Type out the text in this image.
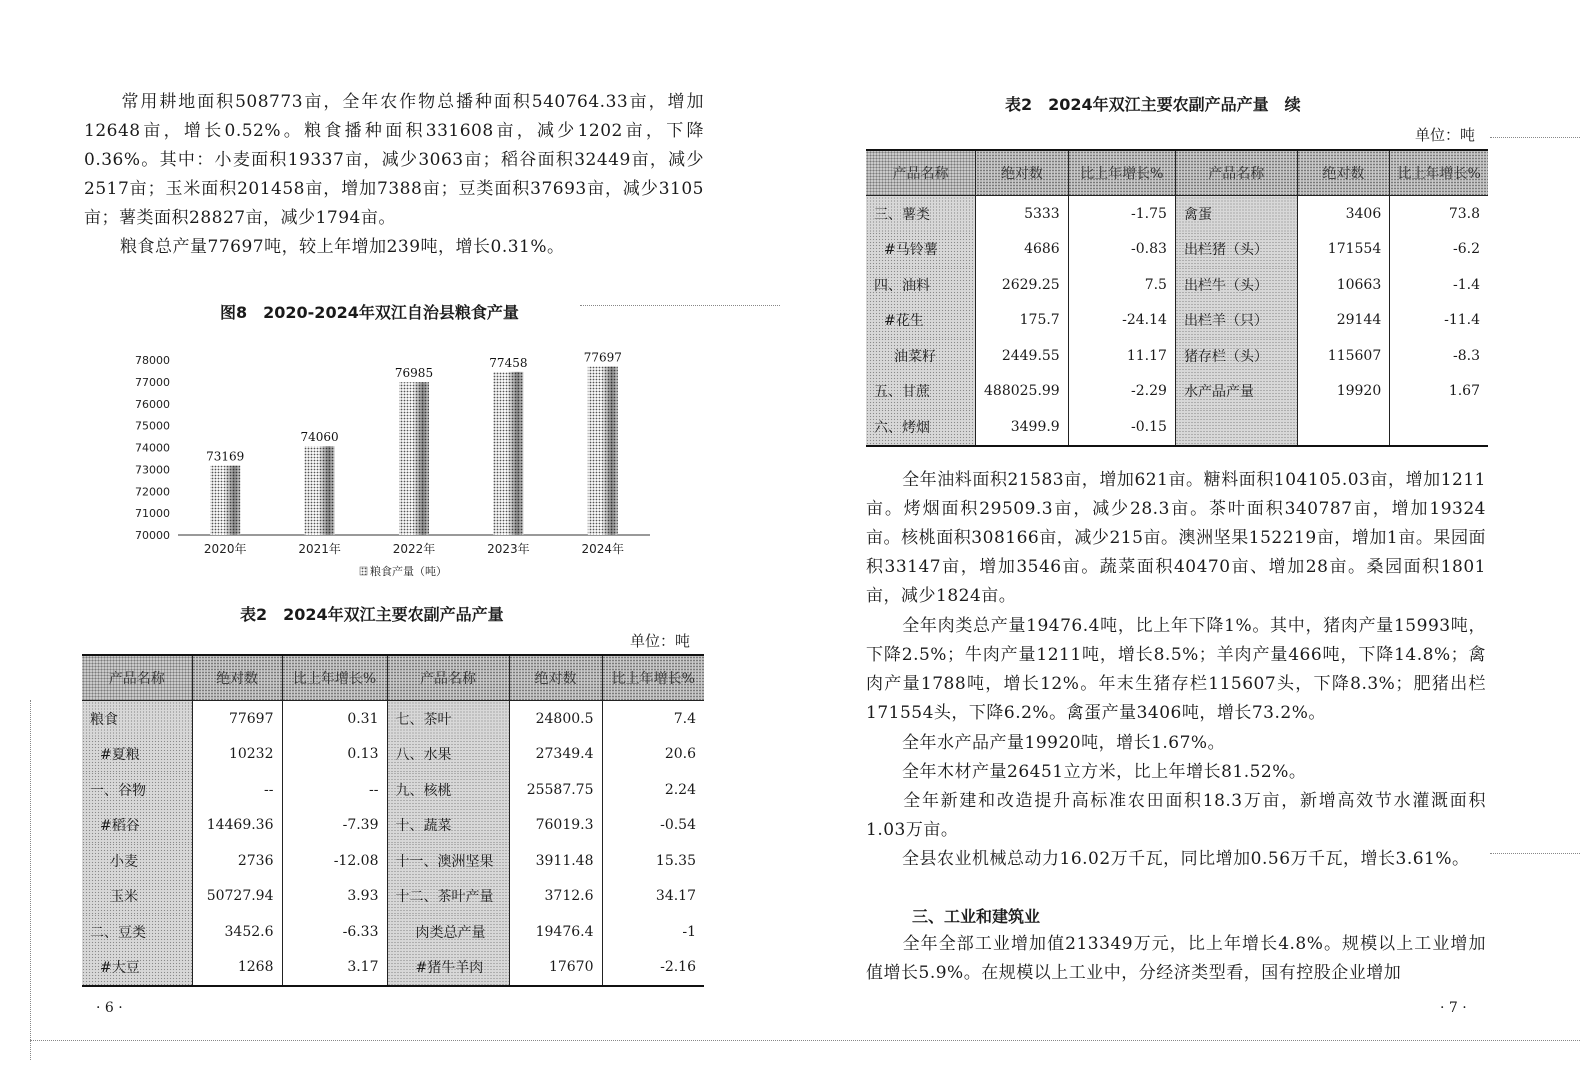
常用耕地面积508773亩，全年农作物总播种面积540764.33亩，增加12648亩，增长0.52%。粮食播种面积331608亩，减少1202亩，下降0.36%。其中：小麦面积19337亩，减少3063亩；稻谷面积32449亩，减少2517亩；玉米面积201458亩，增加7388亩；豆类面积37693亩，减少3105亩；薯类面积28827亩，减少1794亩。

粮食总产量77697吨，较上年增加239吨，增长0.31%。

图8　2020-2024年双江自治县粮食产量
70000
71000
72000
73000
74000
75000
76000
77000
78000
73169
74060
76985
77458	77697
2020年	2021年	2022年	2023年	2024年
粮食产量（吨）
表2　2024年双江主要农副产品产量
单位：吨
产品名称	绝对数	比上年增长%	产品名称	绝对数	比上年增长%
粮食	77697	0.31	七、茶叶	24800.5	7.4
#夏粮	10232	0.13	八、水果	27349.4	20.6
一、谷物	--	--	九、核桃	25587.75	2.24
#稻谷	14469.36	-7.39	十、蔬菜	76019.3	-0.54
小麦	2736	-12.08	十一、澳洲坚果	3911.48	15.35
玉米	50727.94	3.93	十二、茶叶产量	3712.6	34.17
二、豆类	3452.6	-6.33	肉类总产量	19476.4	-1
#大豆	1268	3.17	#猪牛羊肉	17670	-2.16
· 6 ·
表2　2024年双江主要农副产品产量　续
单位：吨
产品名称	绝对数	比上年增长%	产品名称	绝对数	比上年增长%
三、薯类	5333	-1.75	禽蛋	3406	73.8
#马铃薯	4686	-0.83	出栏猪（头）	171554	-6.2
四、油料	2629.25	7.5	出栏牛（头）	10663	-1.4
#花生	175.7	-24.14	出栏羊（只）	29144	-11.4
油菜籽	2449.55	11.17	猪存栏（头）	115607	-8.3
五、甘蔗	488025.99	-2.29	水产品产量	19920	1.67
六、烤烟	3499.9	-0.15			

全年油料面积21583亩，增加621亩。糖料面积104105.03亩，增加1211亩。烤烟面积29509.3亩，减少28.3亩。茶叶面积340787亩，增加19324亩。核桃面积308166亩，减少215亩。澳洲坚果152219亩，增加1亩。果园面积33147亩，增加3546亩。蔬菜面积40470亩、增加28亩。桑园面积1801亩，减少1824亩。

全年肉类总产量19476.4吨，比上年下降1%。其中，猪肉产量15993吨，下降2.5%；牛肉产量1211吨，增长8.5%；羊肉产量466吨，下降14.8%；禽肉产量1788吨，增长12%。年末生猪存栏115607头，下降8.3%；肥猪出栏171554头，下降6.2%。禽蛋产量3406吨，增长73.2%。

全年水产品产量19920吨，增长1.67%。

全年木材产量26451立方米，比上年增长81.52%。

全年新建和改造提升高标准农田面积18.3万亩，新增高效节水灌溉面积1.03万亩。

全县农业机械总动力16.02万千瓦，同比增加0.56万千瓦，增长3.61%。

三、工业和建筑业

全年全部工业增加值213349万元，比上年增长4.8%。规模以上工业增加值增长5.9%。在规模以上工业中，分经济类型看，国有控股企业增加

· 7 ·
